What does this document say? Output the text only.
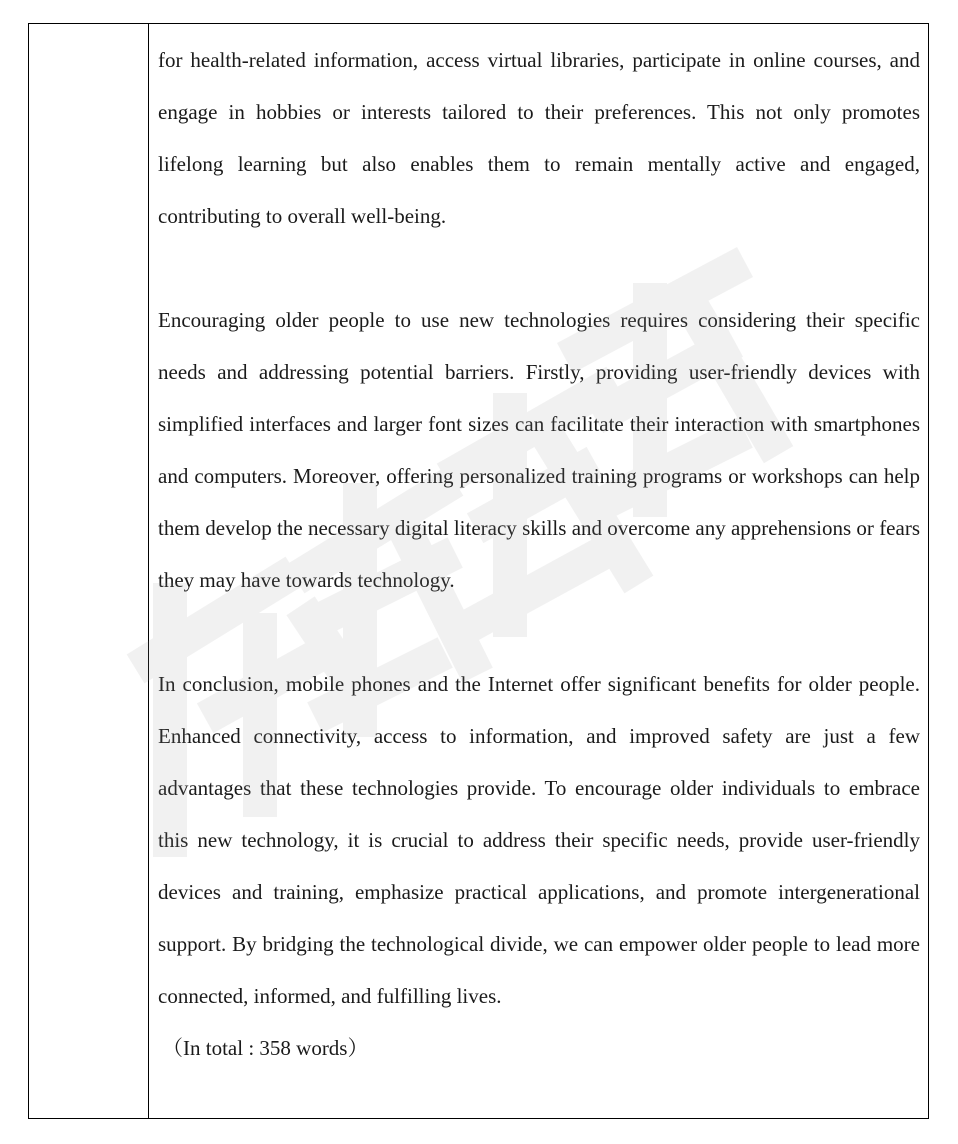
for health-related information, access virtual libraries, participate in online courses, and engage in hobbies or interests tailored to their preferences. This not only promotes lifelong learning but also enables them to remain mentally active and engaged, contributing to overall well-being.

Encouraging older people to use new technologies requires considering their specific needs and addressing potential barriers. Firstly, providing user-friendly devices with simplified interfaces and larger font sizes can facilitate their interaction with smartphones and computers. Moreover, offering personalized training programs or workshops can help them develop the necessary digital literacy skills and overcome any apprehensions or fears they may have towards technology.

In conclusion, mobile phones and the Internet offer significant benefits for older people. Enhanced connectivity, access to information, and improved safety are just a few advantages that these technologies provide. To encourage older individuals to embrace this new technology, it is crucial to address their specific needs, provide user-friendly devices and training, emphasize practical applications, and promote intergenerational support. By bridging the technological divide, we can empower older people to lead more connected, informed, and fulfilling lives.

（In total : 358 words）
